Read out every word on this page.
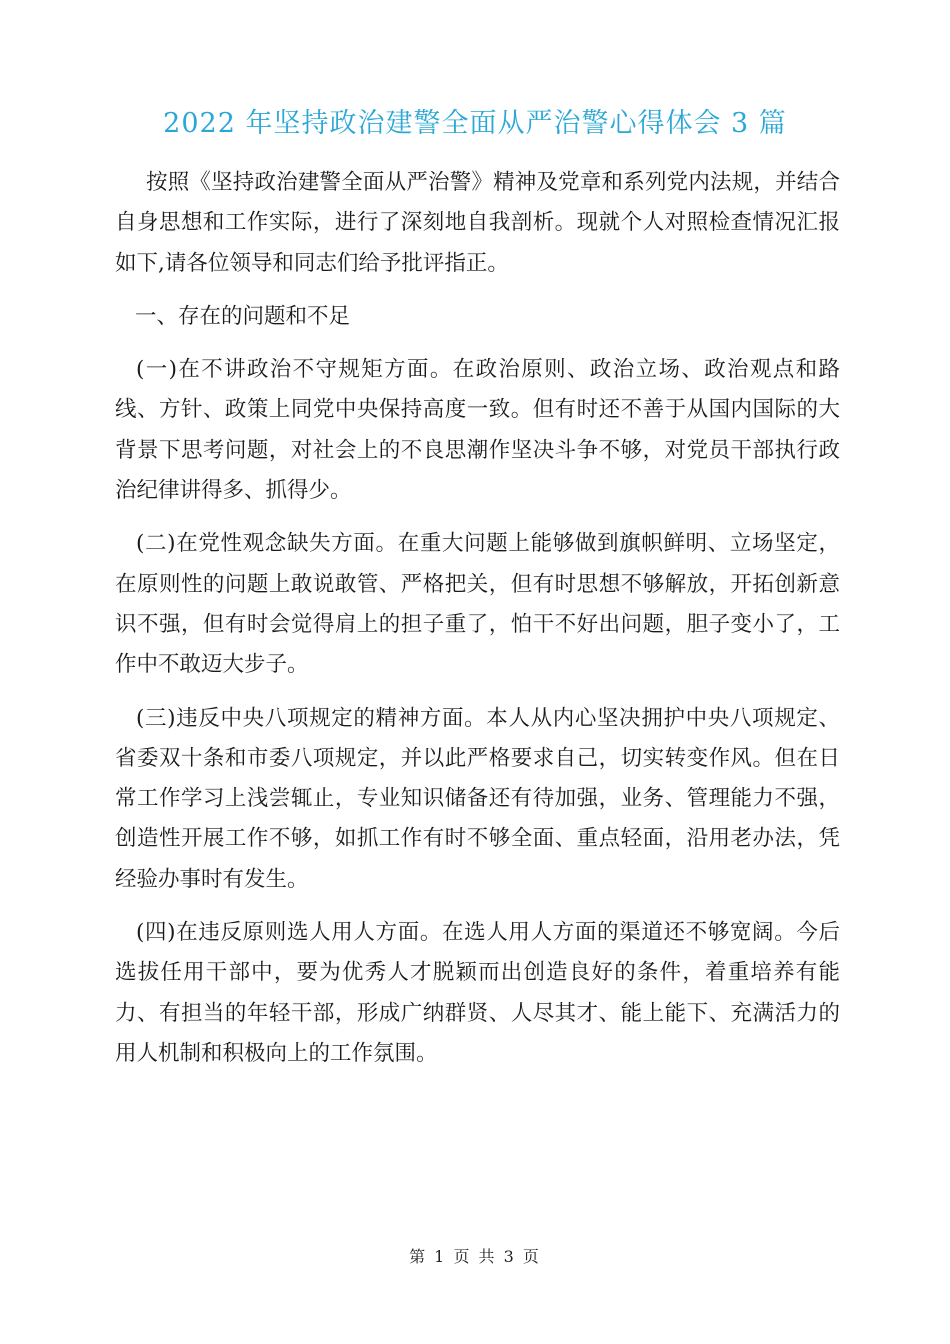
2022 年坚持政治建警全面从严治警心得体会 3 篇

按照《坚持政治建警全面从严治警》精神及党章和系列党内法规，并结合自身思想和工作实际，进行了深刻地自我剖析。现就个人对照检查情况汇报如下,请各位领导和同志们给予批评指正。

一、存在的问题和不足

(一)在不讲政治不守规矩方面。在政治原则、政治立场、政治观点和路线、方针、政策上同党中央保持高度一致。但有时还不善于从国内国际的大背景下思考问题，对社会上的不良思潮作坚决斗争不够，对党员干部执行政治纪律讲得多、抓得少。

(二)在党性观念缺失方面。在重大问题上能够做到旗帜鲜明、立场坚定，在原则性的问题上敢说敢管、严格把关，但有时思想不够解放，开拓创新意识不强，但有时会觉得肩上的担子重了，怕干不好出问题，胆子变小了，工作中不敢迈大步子。

(三)违反中央八项规定的精神方面。本人从内心坚决拥护中央八项规定、省委双十条和市委八项规定，并以此严格要求自己，切实转变作风。但在日常工作学习上浅尝辄止，专业知识储备还有待加强，业务、管理能力不强，创造性开展工作不够，如抓工作有时不够全面、重点轻面，沿用老办法，凭经验办事时有发生。

(四)在违反原则选人用人方面。在选人用人方面的渠道还不够宽阔。今后选拔任用干部中，要为优秀人才脱颖而出创造良好的条件，着重培养有能力、有担当的年轻干部，形成广纳群贤、人尽其才、能上能下、充满活力的用人机制和积极向上的工作氛围。

第 1 页 共 3 页
